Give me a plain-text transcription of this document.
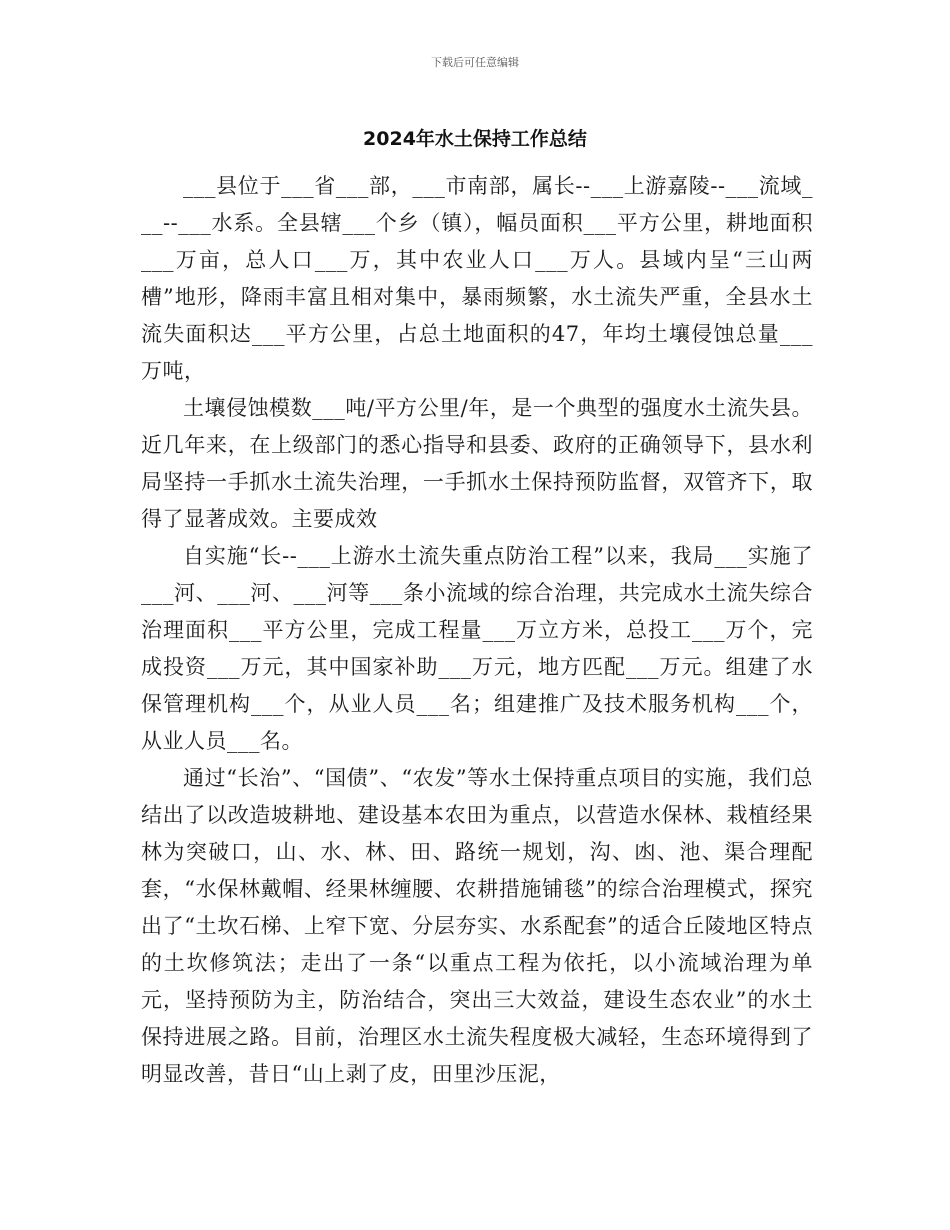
下载后可任意编辑
2024年水土保持工作总结

___县位于___省___部，___市南部，属长--___上游嘉陵--___流域___--___水系。全县辖___个乡（镇），幅员面积___平方公里，耕地面积___万亩，总人口___万，其中农业人口___万人。县域内呈“三山两槽”地形，降雨丰富且相对集中，暴雨频繁，水土流失严重，全县水土流失面积达___平方公里，占总土地面积的47，年均土壤侵蚀总量___万吨，

土壤侵蚀模数___吨/平方公里/年，是一个典型的强度水土流失县。近几年来，在上级部门的悉心指导和县委、政府的正确领导下，县水利局坚持一手抓水土流失治理，一手抓水土保持预防监督，双管齐下，取得了显著成效。主要成效

自实施“长--___上游水土流失重点防治工程”以来，我局___实施了___河、___河、___河等___条小流域的综合治理，共完成水土流失综合治理面积___平方公里，完成工程量___万立方米，总投工___万个，完成投资___万元，其中国家补助___万元，地方匹配___万元。组建了水保管理机构___个，从业人员___名；组建推广及技术服务机构___个，从业人员___名。

通过“长治”、“国债”、“农发”等水土保持重点项目的实施，我们总结出了以改造坡耕地、建设基本农田为重点，以营造水保林、栽植经果林为突破口，山、水、林、田、路统一规划，沟、凼、池、渠合理配套，“水保林戴帽、经果林缠腰、农耕措施铺毯”的综合治理模式，探究出了“土坎石梯、上窄下宽、分层夯实、水系配套”的适合丘陵地区特点的土坎修筑法；走出了一条“以重点工程为依托，以小流域治理为单元，坚持预防为主，防治结合，突出三大效益，建设生态农业”的水土保持进展之路。目前，治理区水土流失程度极大减轻，生态环境得到了明显改善，昔日“山上剥了皮，田里沙压泥，
